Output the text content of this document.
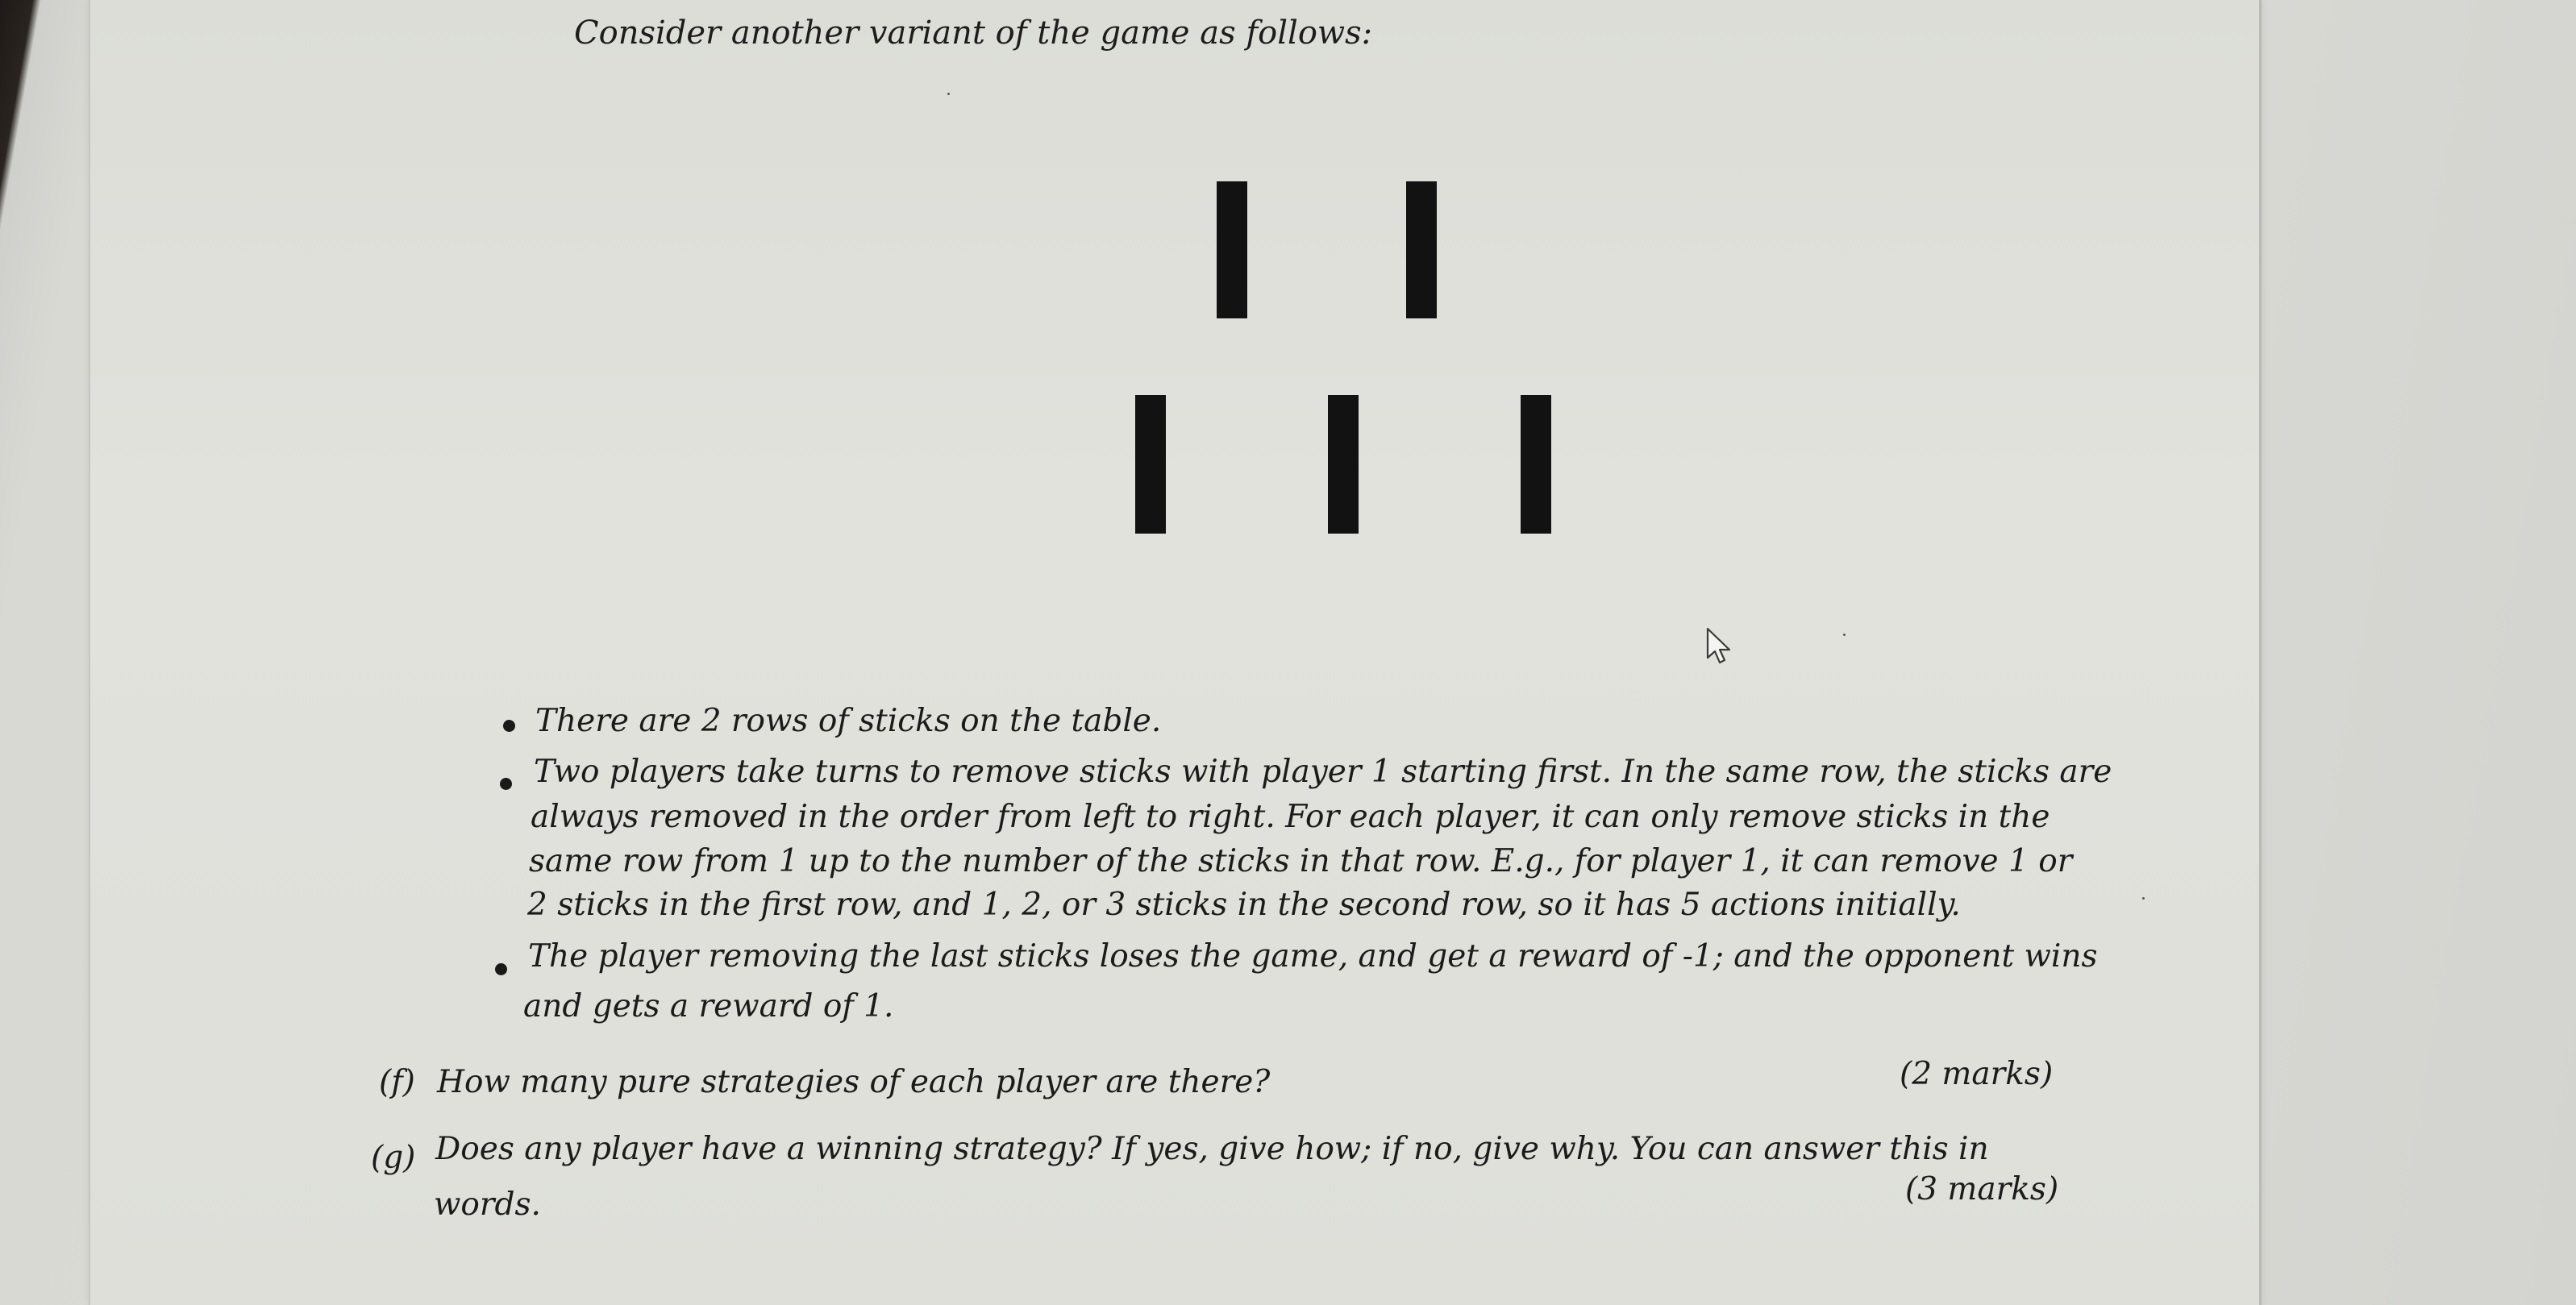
Consider another variant of the game as follows:
There are 2 rows of sticks on the table.
Two players take turns to remove sticks with player 1 starting first. In the same row, the sticks are
always removed in the order from left to right. For each player, it can only remove sticks in the
same row from 1 up to the number of the sticks in that row. E.g., for player 1, it can remove 1 or
2 sticks in the first row, and 1, 2, or 3 sticks in the second row, so it has 5 actions initially.
The player removing the last sticks loses the game, and get a reward of -1; and the opponent wins
and gets a reward of 1.
(f) How many pure strategies of each player are there?	(2 marks)
(g) Does any player have a winning strategy? If yes, give how; if no, give why. You can answer this in
words.	(3 marks)
